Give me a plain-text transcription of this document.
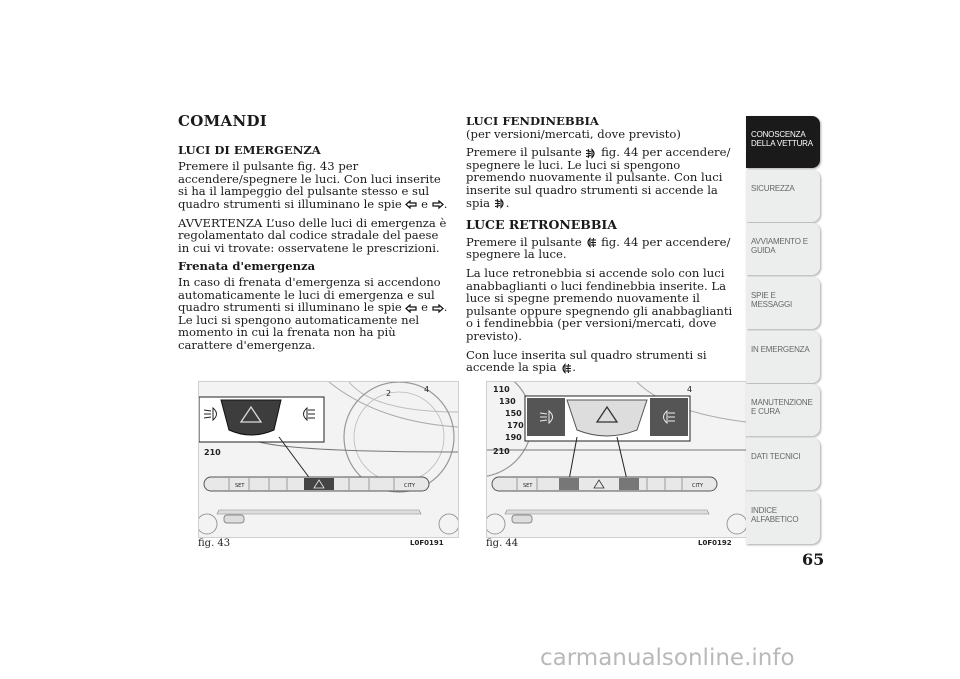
COMANDI
LUCI DI EMERGENZA

Premere il pulsante fig. 43 per accendere/spegnere le luci. Con luci inserite si ha il lampeggio del pulsante stesso e sul quadro strumenti si illuminano le spie e .

AVVERTENZA L’uso delle luci di emergenza è regolamentato dal codice stradale del paese in cui vi trovate: osservatene le prescrizioni.

Frenata d'emergenza

In caso di frenata d'emergenza si accendono automaticamente le luci di emergenza e sul quadro strumenti si illuminano le spie e . Le luci si spengono automaticamente nel momento in cui la frenata non ha più carattere d'emergenza.

LUCI FENDINEBBIA

(per versioni/mercati, dove previsto)

Premere il pulsante fig. 44 per accendere/ spegnere le luci. Le luci si spengono premendo nuovamente il pulsante. Con luci inserite sul quadro strumenti si accende la spia .

LUCE RETRONEBBIA

Premere il pulsante fig. 44 per accendere/ spegnere la luce.

La luce retronebbia si accende solo con luci anabbaglianti o luci fendinebbia inserite. La luce si spegne premendo nuovamente il pulsante oppure spegnendo gli anabbaglianti o i fendinebbia (per versioni/mercati, dove previsto).

Con luce inserita sul quadro strumenti si accende la spia .

2	4
210
SET	CITY
fig. 43	L0F0191
110
130
150
170
190
210
4
SET	CITY
fig. 44	L0F0192
CONOSCENZA DELLA VETTURA
SICUREZZA
AVVIAMENTO E GUIDA
SPIE E MESSAGGI
IN EMERGENZA
MANUTENZIONE E CURA
DATI TECNICI
INDICE ALFABETICO
65
carmanualsonline.info
